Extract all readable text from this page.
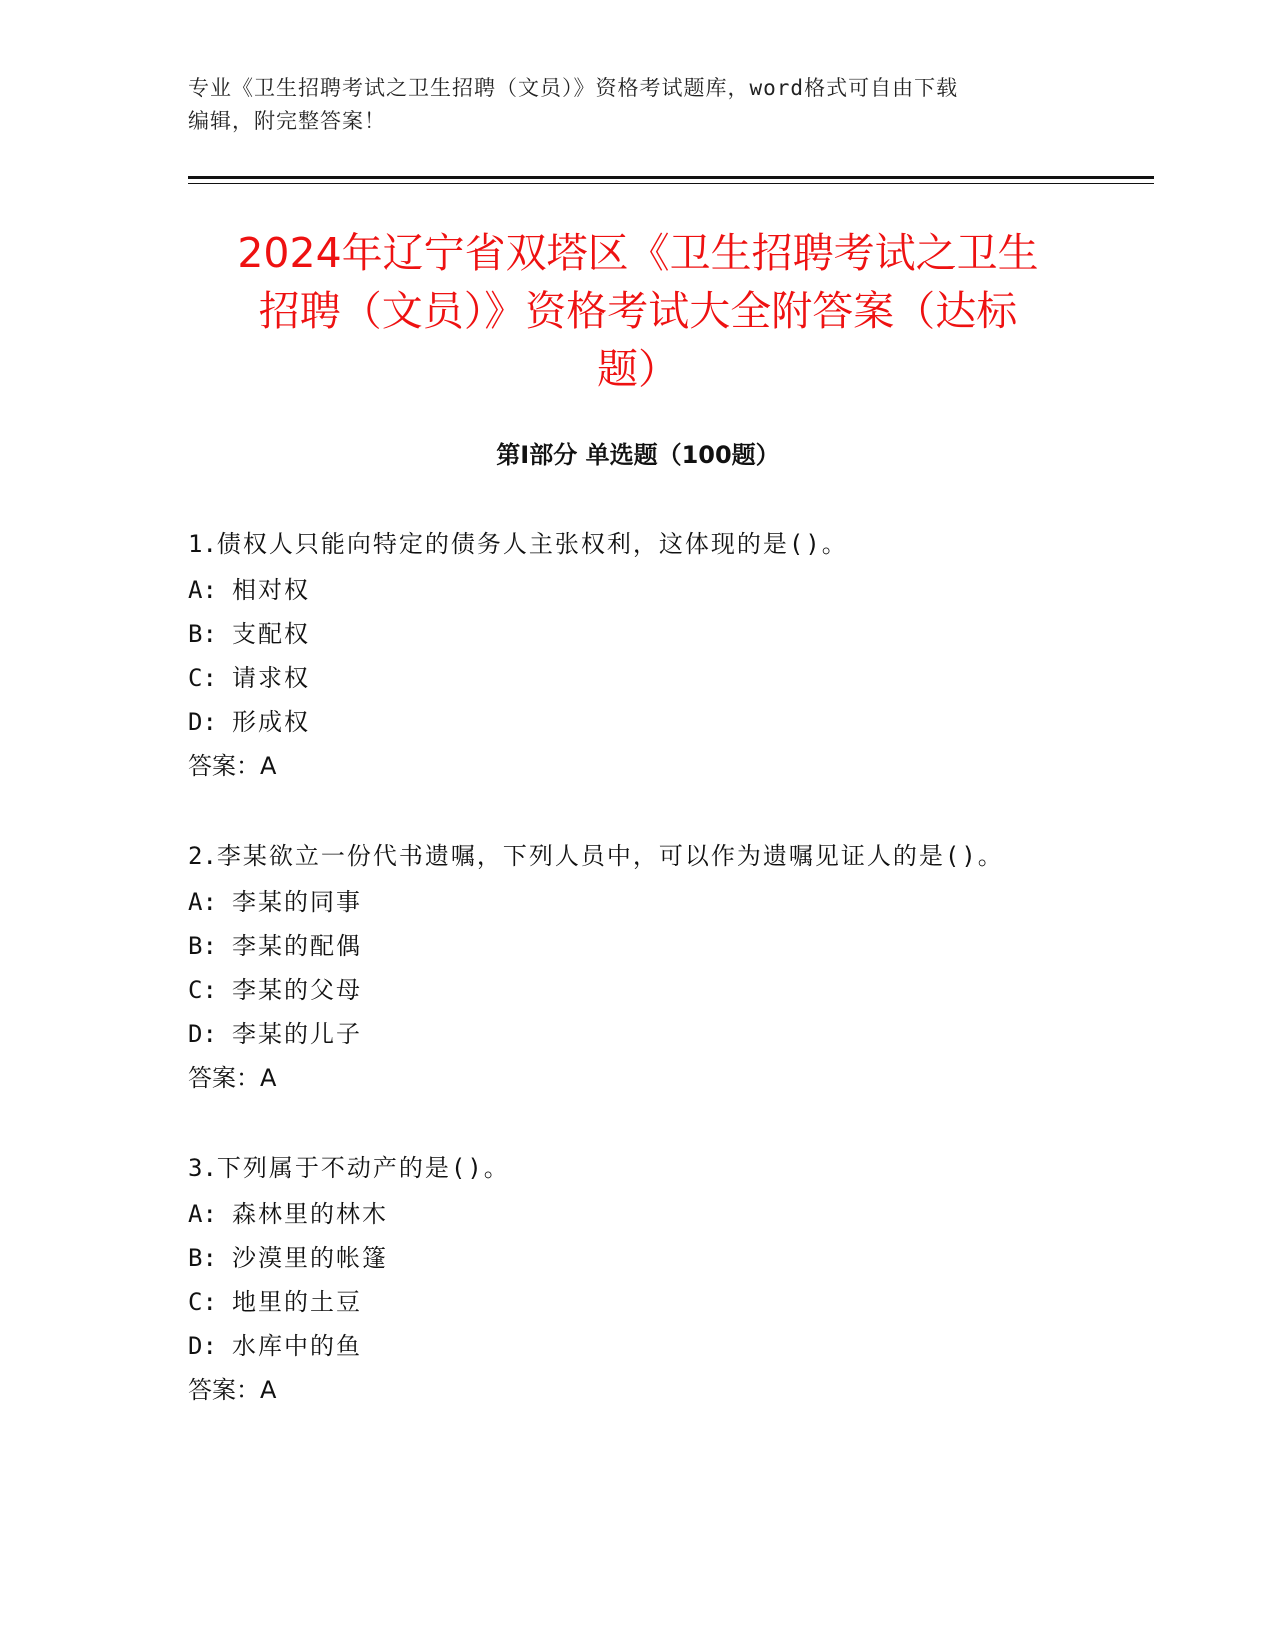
专业《卫生招聘考试之卫生招聘（文员）》资格考试题库，word格式可自由下载
编辑，附完整答案！
2024年辽宁省双塔区《卫生招聘考试之卫生
招聘（文员）》资格考试大全附答案（达标
题）
第Ⅰ部分 单选题（100题）

1.债权人只能向特定的债务人主张权利，这体现的是()。

A: 相对权

B: 支配权

C: 请求权

D: 形成权

答案：A

2.李某欲立一份代书遗嘱，下列人员中，可以作为遗嘱见证人的是()。

A: 李某的同事

B: 李某的配偶

C: 李某的父母

D: 李某的儿子

答案：A

3.下列属于不动产的是()。

A: 森林里的林木

B: 沙漠里的帐篷

C: 地里的土豆

D: 水库中的鱼

答案：A
